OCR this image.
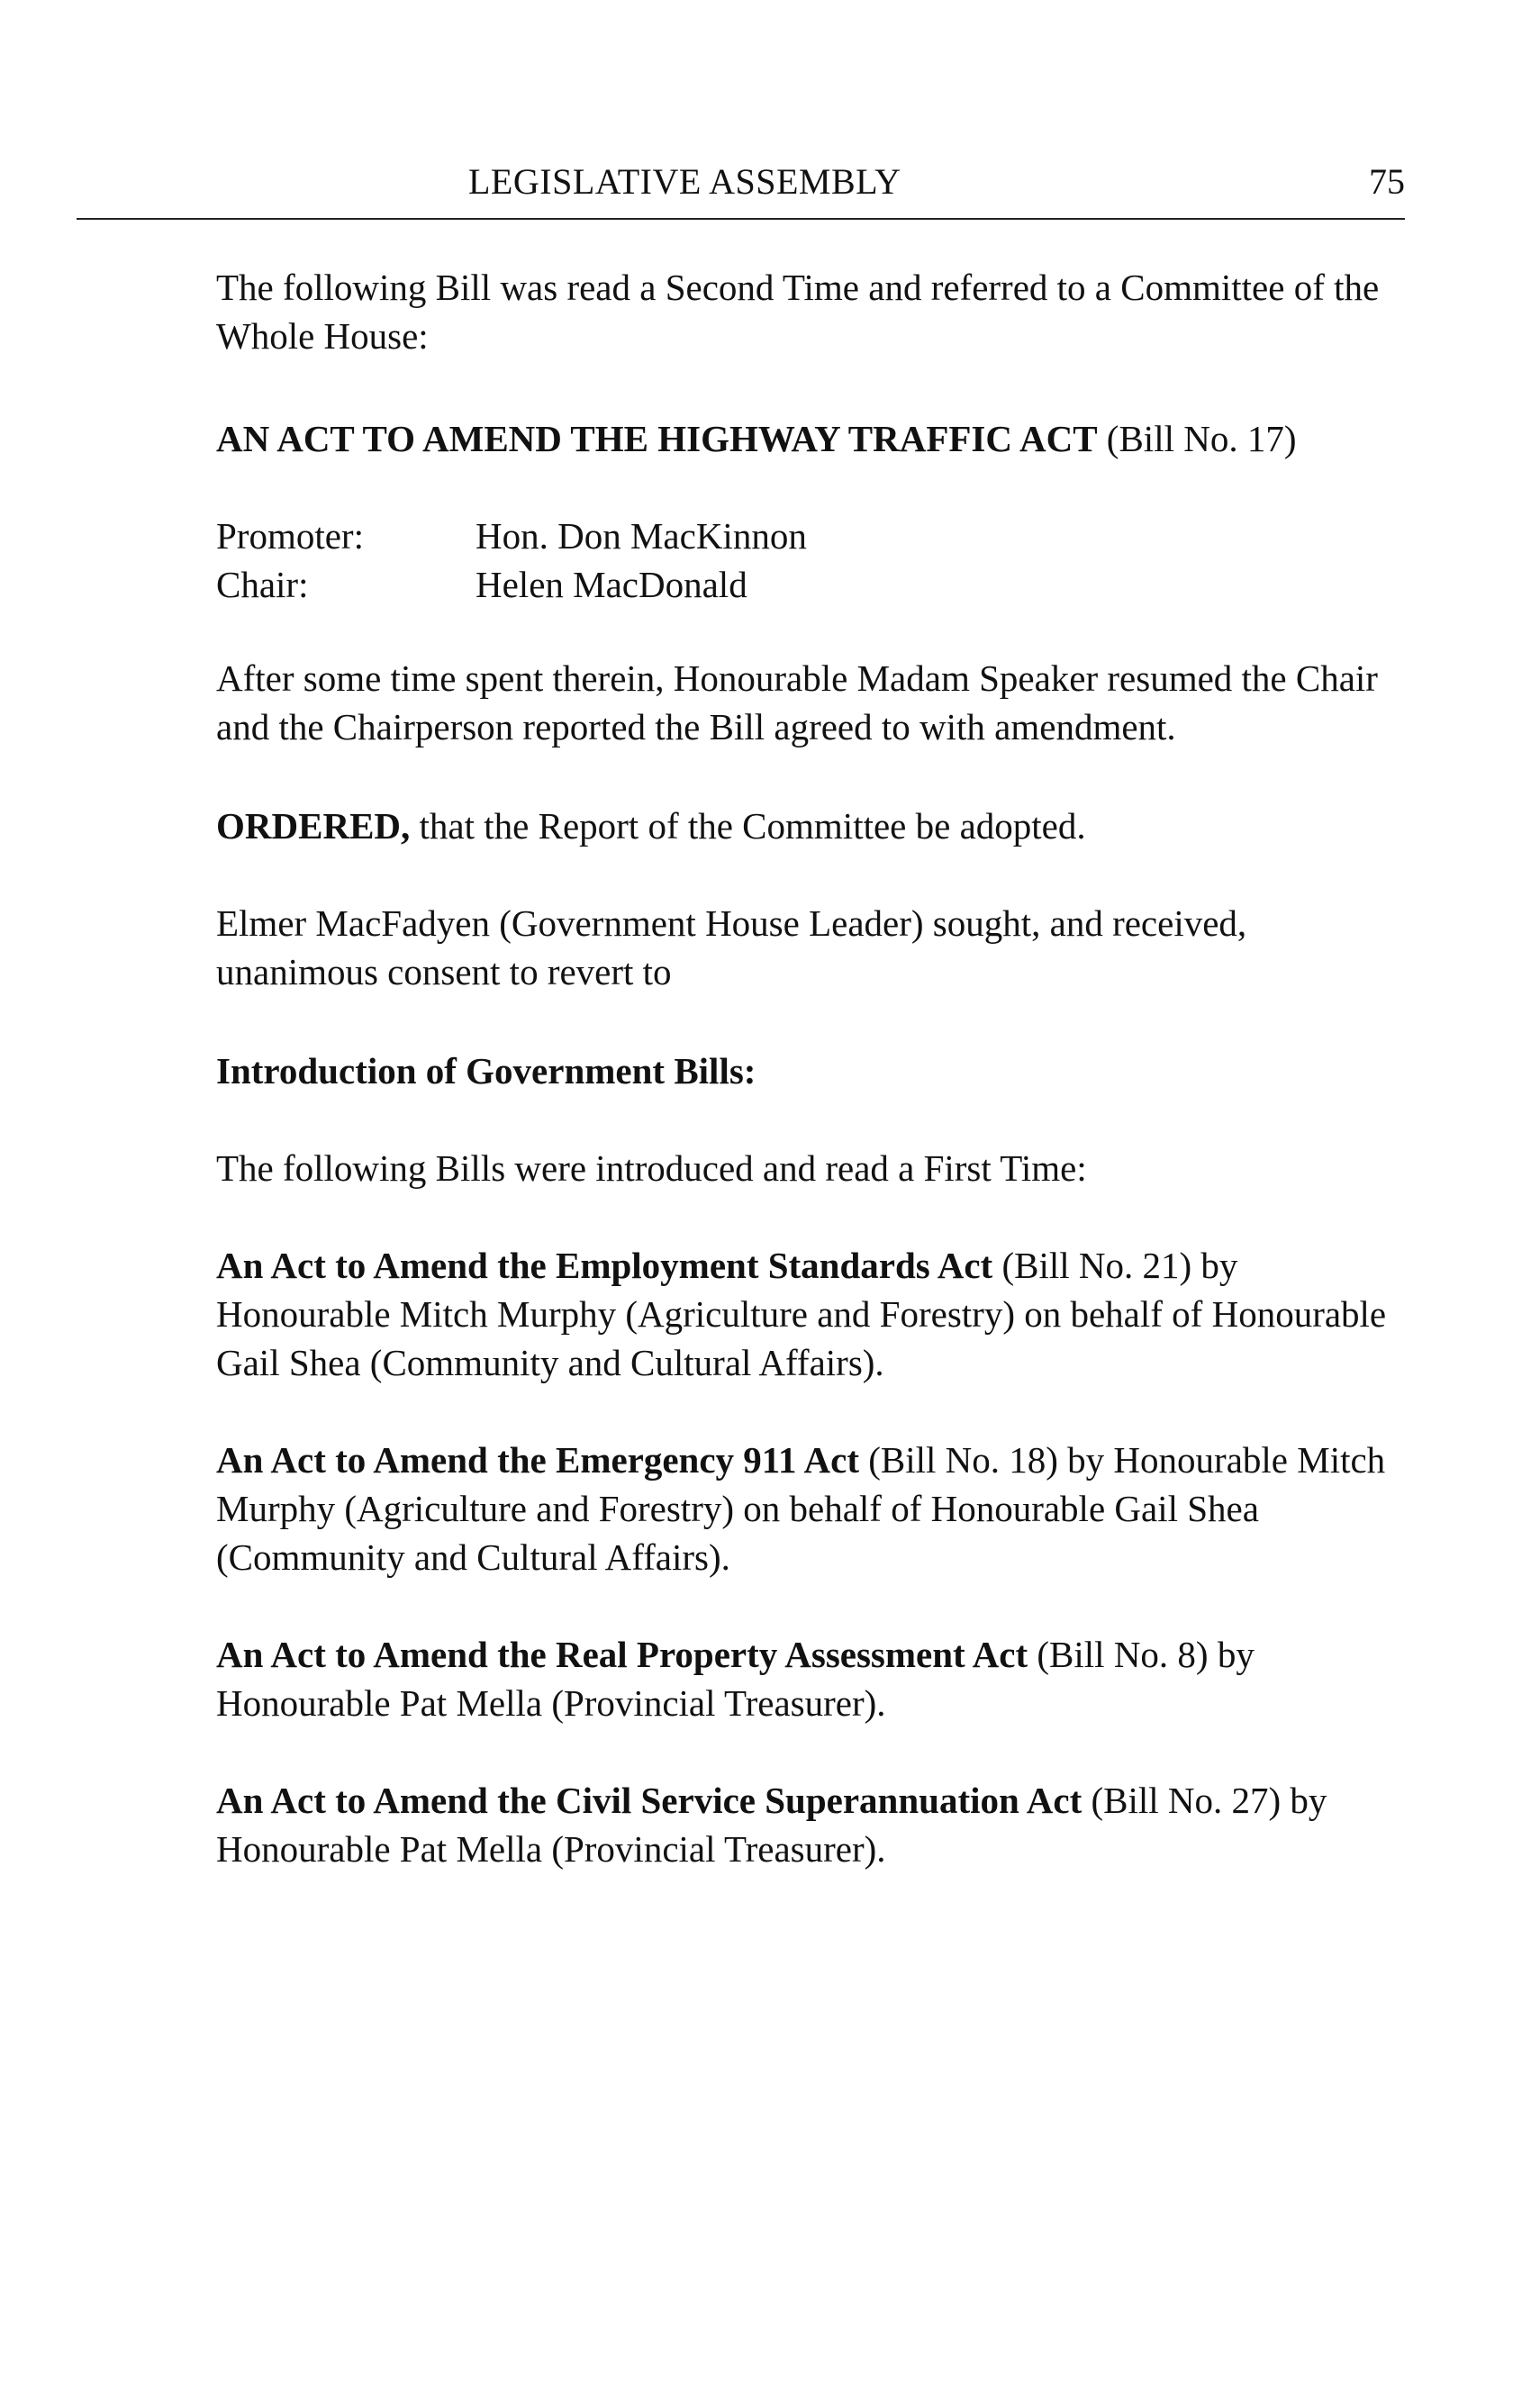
LEGISLATIVE ASSEMBLY	75
The following Bill was read a Second Time and referred to a Committee of the Whole House:
AN ACT TO AMEND THE HIGHWAY TRAFFIC ACT (Bill No. 17)
Promoter:	Hon. Don MacKinnon
Chair:	Helen MacDonald
After some time spent therein, Honourable Madam Speaker resumed the Chair and the Chairperson reported the Bill agreed to with amendment.
ORDERED, that the Report of the Committee be adopted.
Elmer MacFadyen (Government House Leader) sought, and received, unanimous consent to revert to
Introduction of Government Bills:
The following Bills were introduced and read a First Time:
An Act to Amend the Employment Standards Act (Bill No. 21) by Honourable Mitch Murphy (Agriculture and Forestry) on behalf of Honourable Gail Shea (Community and Cultural Affairs).
An Act to Amend the Emergency 911 Act (Bill No. 18) by Honourable Mitch Murphy (Agriculture and Forestry) on behalf of Honourable Gail Shea (Community and Cultural Affairs).
An Act to Amend the Real Property Assessment Act (Bill No. 8) by Honourable Pat Mella (Provincial Treasurer).
An Act to Amend the Civil Service Superannuation Act (Bill No. 27) by Honourable Pat Mella (Provincial Treasurer).
